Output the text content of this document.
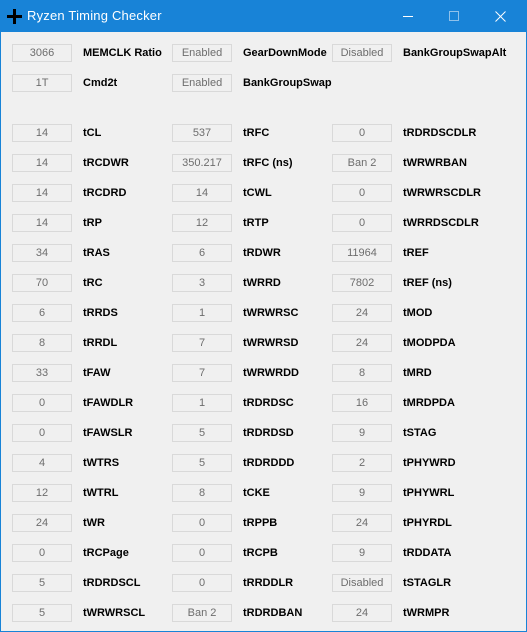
Ryzen Timing Checker
3066	MEMCLK Ratio	Enabled	GearDownMode	Disabled	BankGroupSwapAlt
1T	Cmd2t	Enabled	BankGroupSwap
14	tCL	537	tRFC	0	tRDRDSCDLR
14	tRCDWR	350.217	tRFC (ns)	Ban 2	tWRWRBAN
14	tRCDRD	14	tCWL	0	tWRWRSCDLR
14	tRP	12	tRTP	0	tWRRDSCDLR
34	tRAS	6	tRDWR	11964	tREF
70	tRC	3	tWRRD	7802	tREF (ns)
6	tRRDS	1	tWRWRSC	24	tMOD
8	tRRDL	7	tWRWRSD	24	tMODPDA
33	tFAW	7	tWRWRDD	8	tMRD
0	tFAWDLR	1	tRDRDSC	16	tMRDPDA
0	tFAWSLR	5	tRDRDSD	9	tSTAG
4	tWTRS	5	tRDRDDD	2	tPHYWRD
12	tWTRL	8	tCKE	9	tPHYWRL
24	tWR	0	tRPPB	24	tPHYRDL
0	tRCPage	0	tRCPB	9	tRDDATA
5	tRDRDSCL	0	tRRDDLR	Disabled	tSTAGLR
5	tWRWRSCL	Ban 2	tRDRDBAN	24	tWRMPR
